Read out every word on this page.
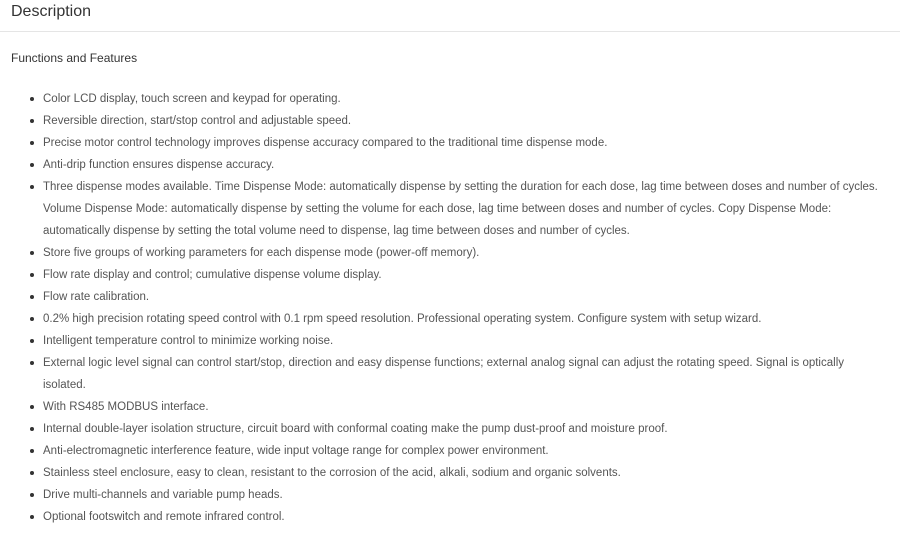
Description

Functions and Features

Color LCD display, touch screen and keypad for operating.
Reversible direction, start/stop control and adjustable speed.
Precise motor control technology improves dispense accuracy compared to the traditional time dispense mode.
Anti-drip function ensures dispense accuracy.
Three dispense modes available. Time Dispense Mode: automatically dispense by setting the duration for each dose, lag time between doses and number of cycles. Volume Dispense Mode: automatically dispense by setting the volume for each dose, lag time between doses and number of cycles. Copy Dispense Mode: automatically dispense by setting the total volume need to dispense, lag time between doses and number of cycles.
Store five groups of working parameters for each dispense mode (power-off memory).
Flow rate display and control; cumulative dispense volume display.
Flow rate calibration.
0.2% high precision rotating speed control with 0.1 rpm speed resolution. Professional operating system. Configure system with setup wizard.
Intelligent temperature control to minimize working noise.
External logic level signal can control start/stop, direction and easy dispense functions; external analog signal can adjust the rotating speed. Signal is optically isolated.
With RS485 MODBUS interface.
Internal double-layer isolation structure, circuit board with conformal coating make the pump dust-proof and moisture proof.
Anti-electromagnetic interference feature, wide input voltage range for complex power environment.
Stainless steel enclosure, easy to clean, resistant to the corrosion of the acid, alkali, sodium and organic solvents.
Drive multi-channels and variable pump heads.
Optional footswitch and remote infrared control.
